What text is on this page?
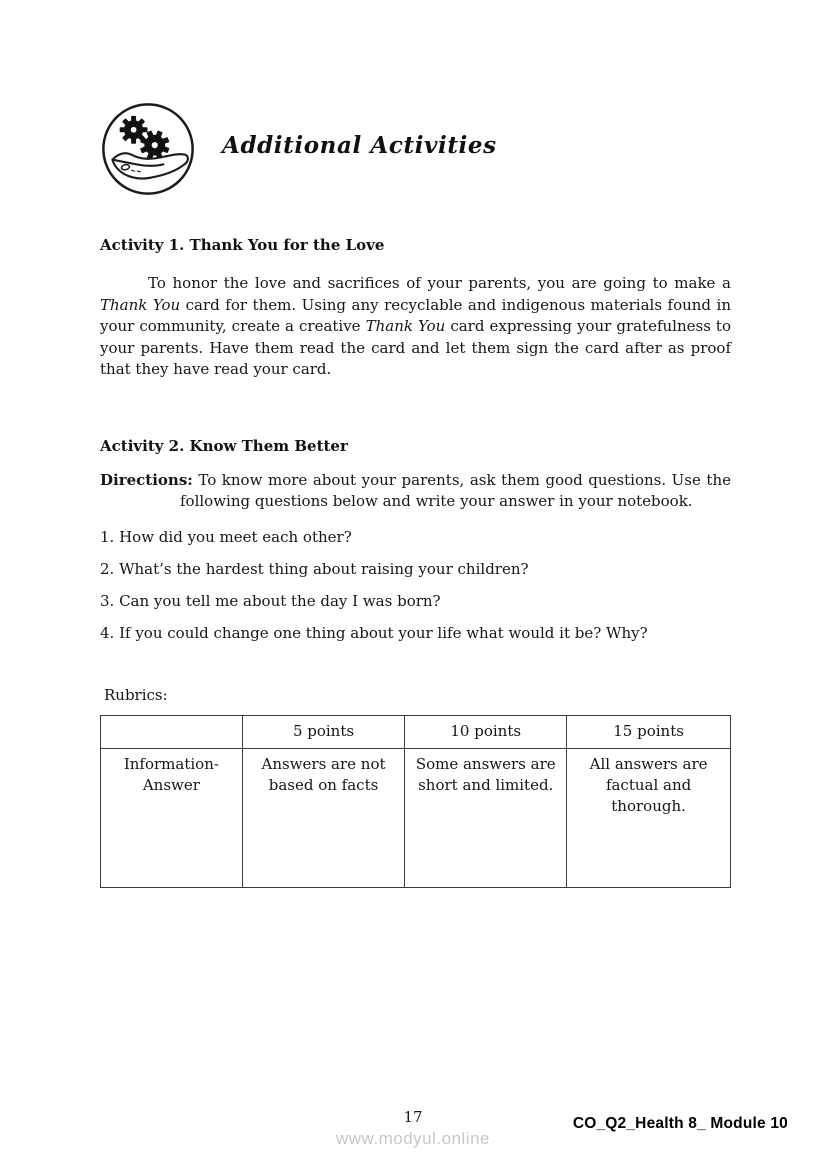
Additional Activities
Activity 1. Thank You for the Love

To honor the love and sacrifices of your parents, you are going to make a Thank You card for them. Using any recyclable and indigenous materials found in your community, create a creative Thank You card expressing your gratefulness to your parents. Have them read the card and let them sign the card after as proof that they have read your card.

Activity 2. Know Them Better

Directions: To know more about your parents, ask them good questions. Use the following questions below and write your answer in your notebook.

1. How did you meet each other?
2. What’s the hardest thing about raising your children?
3. Can you tell me about the day I was born?
4. If you could change one thing about your life what would it be? Why?
Rubrics:
	5 points	10 points	15 points
Information- Answer	Answers are not based on facts	Some answers are short and limited.	All answers are factual and thorough.
17
www.modyul.online
CO_Q2_Health 8_ Module 10
